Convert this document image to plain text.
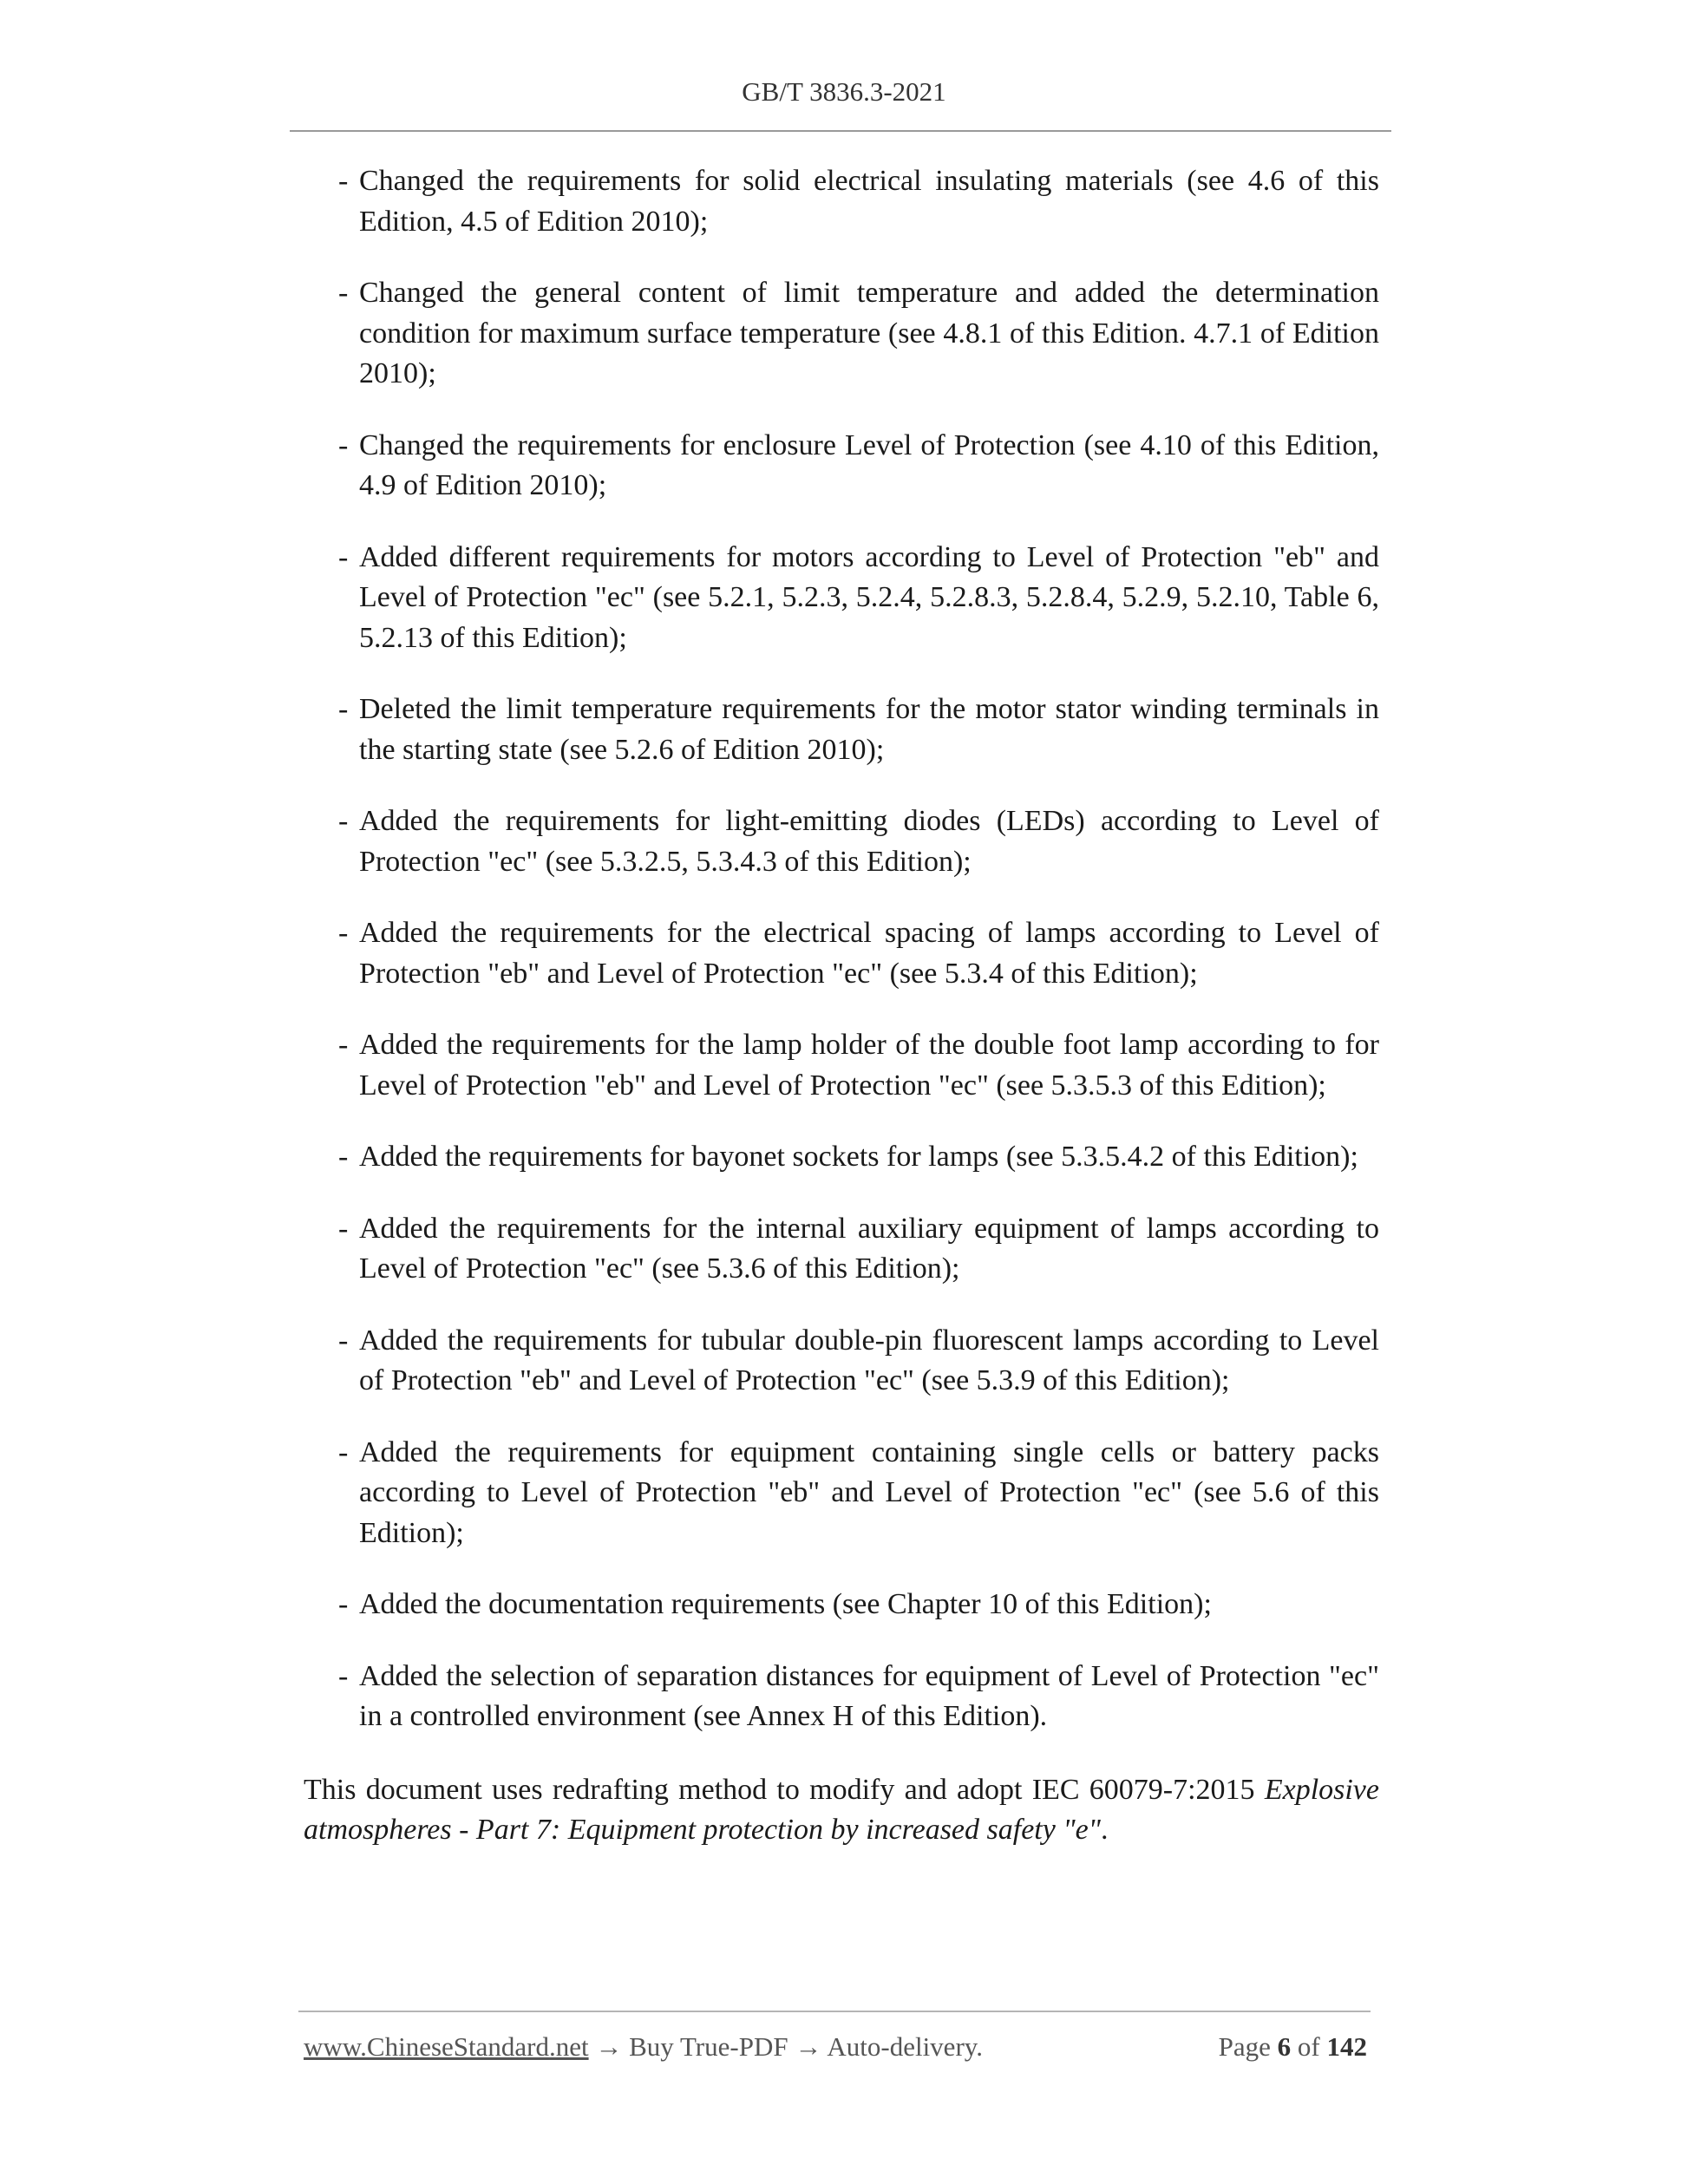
GB/T 3836.3-2021
- Changed the requirements for solid electrical insulating materials (see 4.6 of this Edition, 4.5 of Edition 2010);
- Changed the general content of limit temperature and added the determination condition for maximum surface temperature (see 4.8.1 of this Edition. 4.7.1 of Edition 2010);
- Changed the requirements for enclosure Level of Protection (see 4.10 of this Edition, 4.9 of Edition 2010);
- Added different requirements for motors according to Level of Protection "eb" and Level of Protection "ec" (see 5.2.1, 5.2.3, 5.2.4, 5.2.8.3, 5.2.8.4, 5.2.9, 5.2.10, Table 6, 5.2.13 of this Edition);
- Deleted the limit temperature requirements for the motor stator winding terminals in the starting state (see 5.2.6 of Edition 2010);
- Added the requirements for light-emitting diodes (LEDs) according to Level of Protection "ec" (see 5.3.2.5, 5.3.4.3 of this Edition);
- Added the requirements for the electrical spacing of lamps according to Level of Protection "eb" and Level of Protection "ec" (see 5.3.4 of this Edition);
- Added the requirements for the lamp holder of the double foot lamp according to for Level of Protection "eb" and Level of Protection "ec" (see 5.3.5.3 of this Edition);
- Added the requirements for bayonet sockets for lamps (see 5.3.5.4.2 of this Edition);
- Added the requirements for the internal auxiliary equipment of lamps according to Level of Protection "ec" (see 5.3.6 of this Edition);
- Added the requirements for tubular double-pin fluorescent lamps according to Level of Protection "eb" and Level of Protection "ec" (see 5.3.9 of this Edition);
- Added the requirements for equipment containing single cells or battery packs according to Level of Protection "eb" and Level of Protection "ec" (see 5.6 of this Edition);
- Added the documentation requirements (see Chapter 10 of this Edition);
- Added the selection of separation distances for equipment of Level of Protection "ec" in a controlled environment (see Annex H of this Edition).

This document uses redrafting method to modify and adopt IEC 60079-7:2015 Explosive atmospheres - Part 7: Equipment protection by increased safety "e".

www.ChineseStandard.net → Buy True-PDF → Auto-delivery.	Page 6 of 142
